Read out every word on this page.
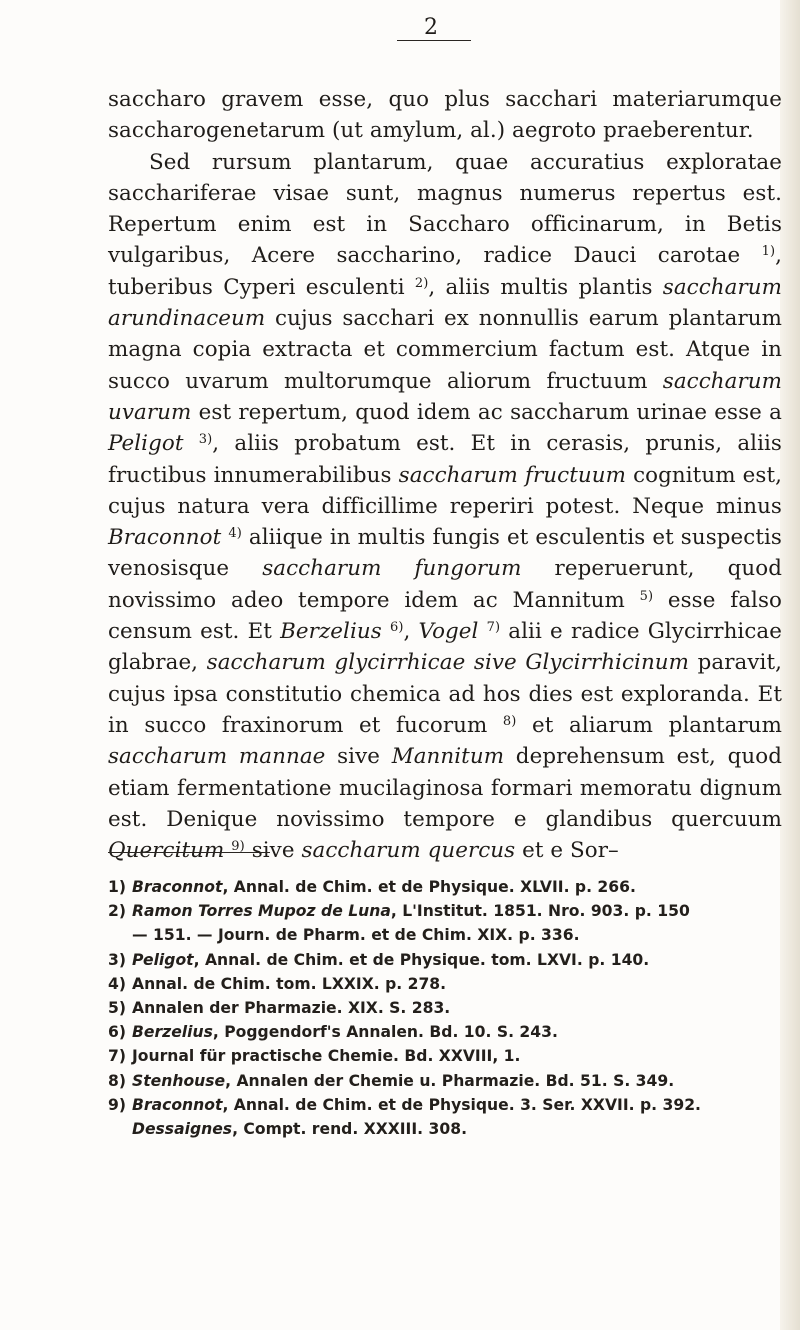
2

saccharo gravem esse, quo plus sacchari materiarumque saccharogenetarum (ut amylum, al.) aegroto praeberentur.

Sed rursum plantarum, quae accuratius exploratae sacchariferae visae sunt, magnus numerus repertus est. Repertum enim est in Saccharo officinarum, in Betis vulgaribus, Acere saccharino, radice Dauci carotae $^{1)}$, tuberibus Cyperi esculenti $^{2)}$, aliis multis plantis saccharum arundinaceum cujus sacchari ex nonnullis earum plantarum magna copia extracta et commercium factum est. Atque in succo uvarum multorumque aliorum fructuum saccharum uvarum est repertum, quod idem ac saccharum urinae esse a Peligot $^{3)}$, aliis probatum est. Et in cerasis, prunis, aliis fructibus innumerabilibus saccharum fructuum cognitum est, cujus natura vera difficillime reperiri potest. Neque minus Braconnot $^{4)}$ aliique in multis fungis et esculentis et suspectis venosisque saccharum fungorum reperuerunt, quod novissimo adeo tempore idem ac Mannitum $^{5)}$ esse falso censum est. Et Berzelius $^{6)}$, Vogel $^{7)}$ alii e radice Glycirrhicae glabrae, saccharum glycirrhicae sive Glycirrhicinum paravit, cujus ipsa constitutio chemica ad hos dies est exploranda. Et in succo fraxinorum et fucorum $^{8)}$ et aliarum plantarum saccharum mannae sive Mannitum deprehensum est, quod etiam fermentatione mucilaginosa formari memoratu dignum est. Denique novissimo tempore e glandibus quercuum Quercitum $^{9)}$ sive saccharum quercus et e Sor–

1) Braconnot, Annal. de Chim. et de Physique. XLVII. p. 266.
2) Ramon Torres Mupoz de Luna, L'Institut. 1851. Nro. 903. p. 150
— 151. — Journ. de Pharm. et de Chim. XIX. p. 336.
3) Peligot, Annal. de Chim. et de Physique. tom. LXVI. p. 140.
4) Annal. de Chim. tom. LXXIX. p. 278.
5) Annalen der Pharmazie. XIX. S. 283.
6) Berzelius, Poggendorf's Annalen. Bd. 10. S. 243.
7) Journal für practische Chemie. Bd. XXVIII, 1.
8) Stenhouse, Annalen der Chemie u. Pharmazie. Bd. 51. S. 349.
9) Braconnot, Annal. de Chim. et de Physique. 3. Ser. XXVII. p. 392.
Dessaignes, Compt. rend. XXXIII. 308.
